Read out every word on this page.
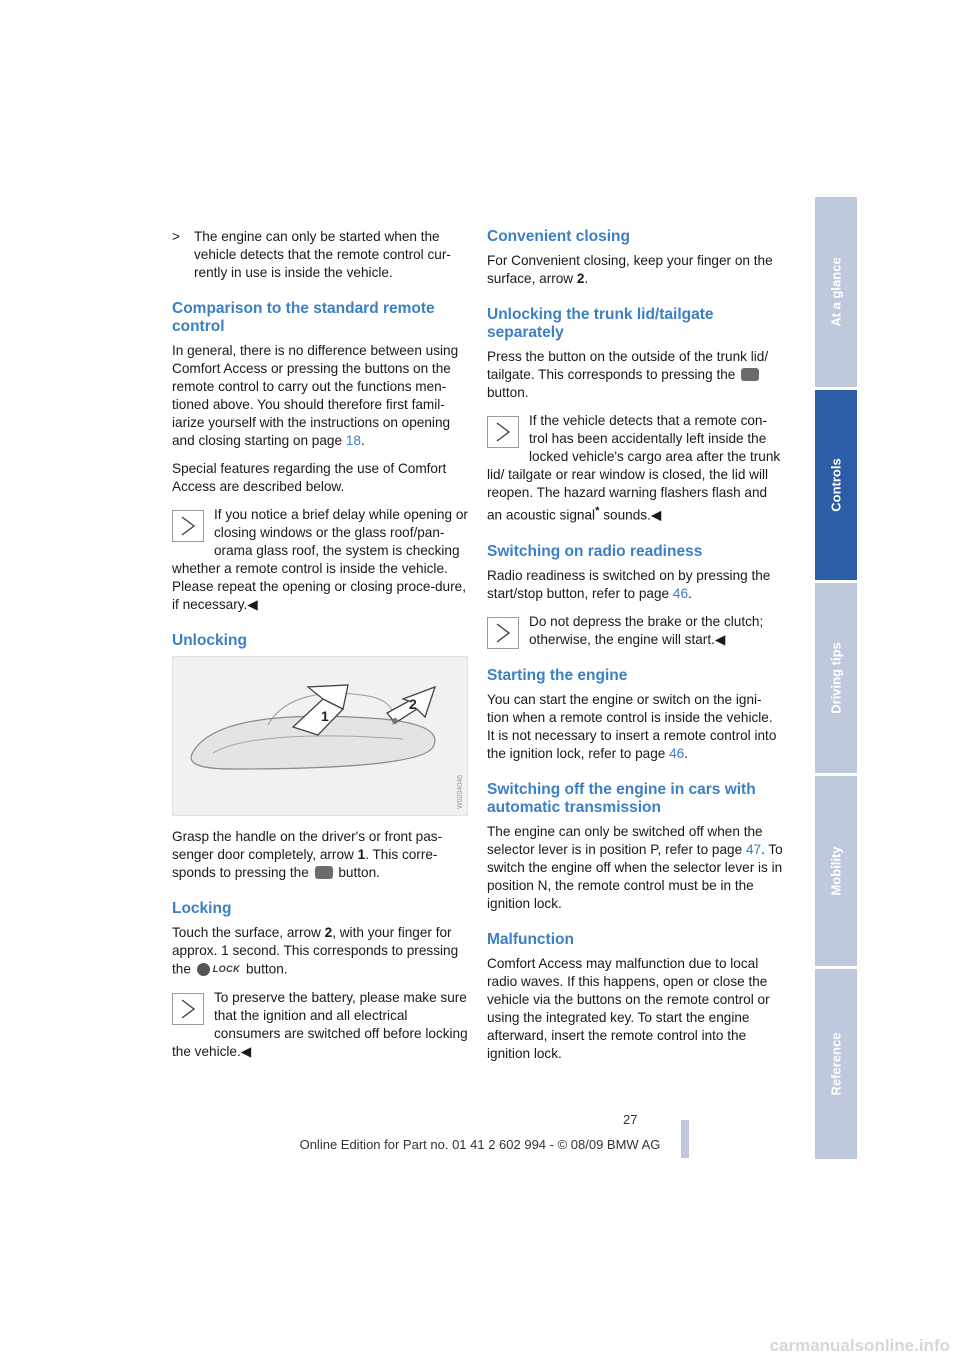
>	The engine can only be started when the vehicle detects that the remote control cur-rently in use is inside the vehicle.
Comparison to the standard remote control

In general, there is no difference between using Comfort Access or pressing the buttons on the remote control to carry out the functions men-tioned above. You should therefore first famil-iarize yourself with the instructions on opening and closing starting on page 18.

Special features regarding the use of Comfort Access are described below.

If you notice a brief delay while opening or closing windows or the glass roof/pan-orama glass roof, the system is checking whether a remote control is inside the vehicle. Please repeat the opening or closing proce-dure, if necessary.◀
Unlocking
1
2
W0204046

Grasp the handle on the driver's or front pas-senger door completely, arrow 1. This corre-sponds to pressing the  button.

Locking

Touch the surface, arrow 2, with your finger for approx. 1 second. This corresponds to pressing the LOCK button.

To preserve the battery, please make sure that the ignition and all electrical consumers are switched off before locking the vehicle.◀
Convenient closing

For Convenient closing, keep your finger on the surface, arrow 2.

Unlocking the trunk lid/tailgate separately

Press the button on the outside of the trunk lid/ tailgate. This corresponds to pressing the  button.

If the vehicle detects that a remote con-trol has been accidentally left inside the locked vehicle's cargo area after the trunk lid/ tailgate or rear window is closed, the lid will reopen. The hazard warning flashers flash and an acoustic signal* sounds.◀
Switching on radio readiness

Radio readiness is switched on by pressing the start/stop button, refer to page 46.

Do not depress the brake or the clutch; otherwise, the engine will start.◀
Starting the engine

You can start the engine or switch on the igni-tion when a remote control is inside the vehicle. It is not necessary to insert a remote control into the ignition lock, refer to page 46.

Switching off the engine in cars with automatic transmission

The engine can only be switched off when the selector lever is in position P, refer to page 47. To switch the engine off when the selector lever is in position N, the remote control must be in the ignition lock.

Malfunction

Comfort Access may malfunction due to local radio waves. If this happens, open or close the vehicle via the buttons on the remote control or using the integrated key. To start the engine afterward, insert the remote control into the ignition lock.

At a glance
Controls
Driving tips
Mobility
Reference
27
Online Edition for Part no. 01 41 2 602 994 - © 08/09 BMW AG
carmanualsonline.info
